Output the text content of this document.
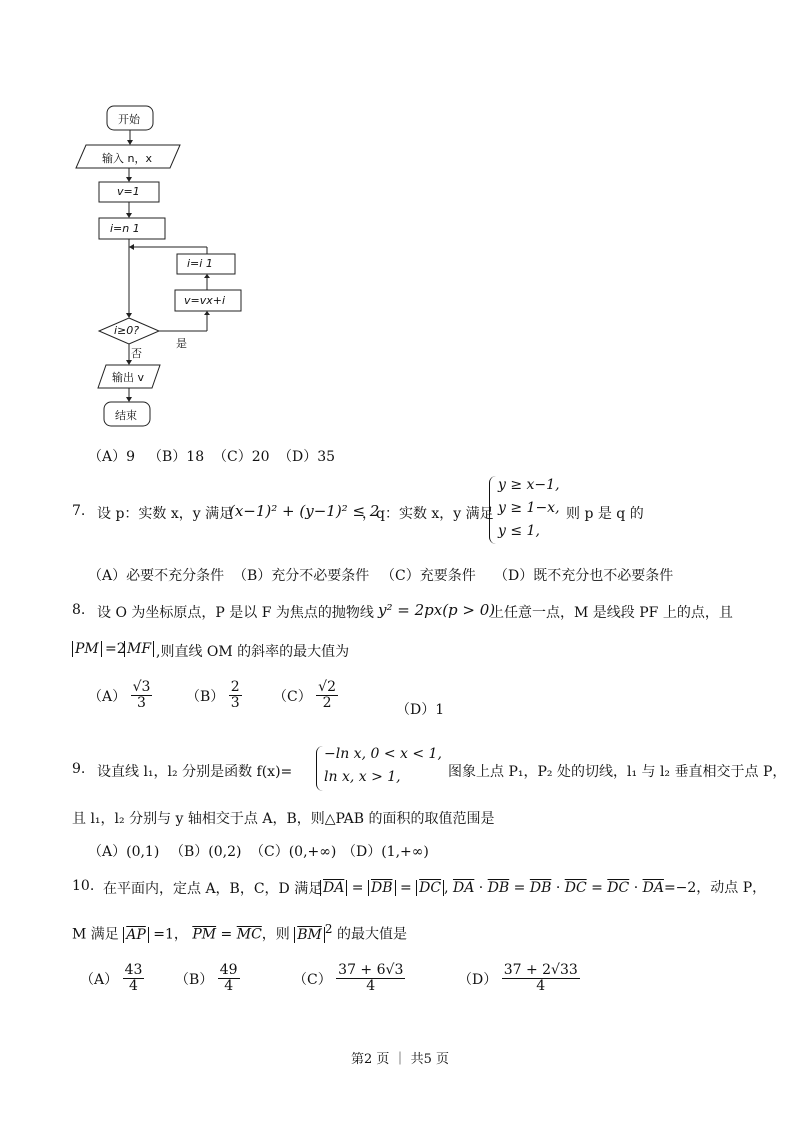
开始
输入 n，x
v=1
i=n 1
i=i 1
v=vx+i
i≥0?
是
否
输出 v
结束
（A）9 （B）18 （C）20 （D）35
7. 设 p：实数 x，y 满足
(x−1)² + (y−1)² ≤ 2
，q：实数 x，y 满足
y ≥ x−1,
y ≥ 1−x,
y ≤ 1,
则 p 是 q 的
（A）必要不充分条件 （B）充分不必要条件 （C）充要条件 （D）既不充分也不必要条件
8. 设 O 为坐标原点，P 是以 F 为焦点的抛物线 y² = 2px(p > 0)
上任意一点，M 是线段 PF 上的点，且
PM =2 MF ,则直线 OM 的斜率的最大值为
$(A) \frac{√3}{3} (B) \frac{2}{3} (C) \frac{√2}{2}$	（D）1
9. 设直线 l₁，l₂ 分别是函数 f(x)=
−ln x, 0 < x < 1,
ln x, x > 1,	图象上点 P₁，P₂ 处的切线，l₁ 与 l₂ 垂直相交于点 P，
且 l₁，l₂ 分别与 y 轴相交于点 A，B，则△PAB 的面积的取值范围是
（A）(0,1) （B）(0,2) （C）(0,+∞) （D）(1,+∞)
10. 在平面内，定点 A，B，C，D 满足 $\overline{DA} = \overline{DB} = \overline{DC}$ , $\overline{DA} \cdot \overline{DB} = \overline{DB} \cdot \overline{DC} = \overline{DC} \cdot \overline{DA}=-2$，动点 P，
M 满足 $\overline{AP} =1$， $\overline{PM} = \overline{MC}$，则 $\overline{BM}$ $^2$ 的最大值是
$(A) \frac{43}{4} (B) \frac{49}{4}$	$(C) \frac{37 + 6√3}{4}$	$(D) \frac{37 + 2√33}{4}$
第2 页 ｜ 共5 页
